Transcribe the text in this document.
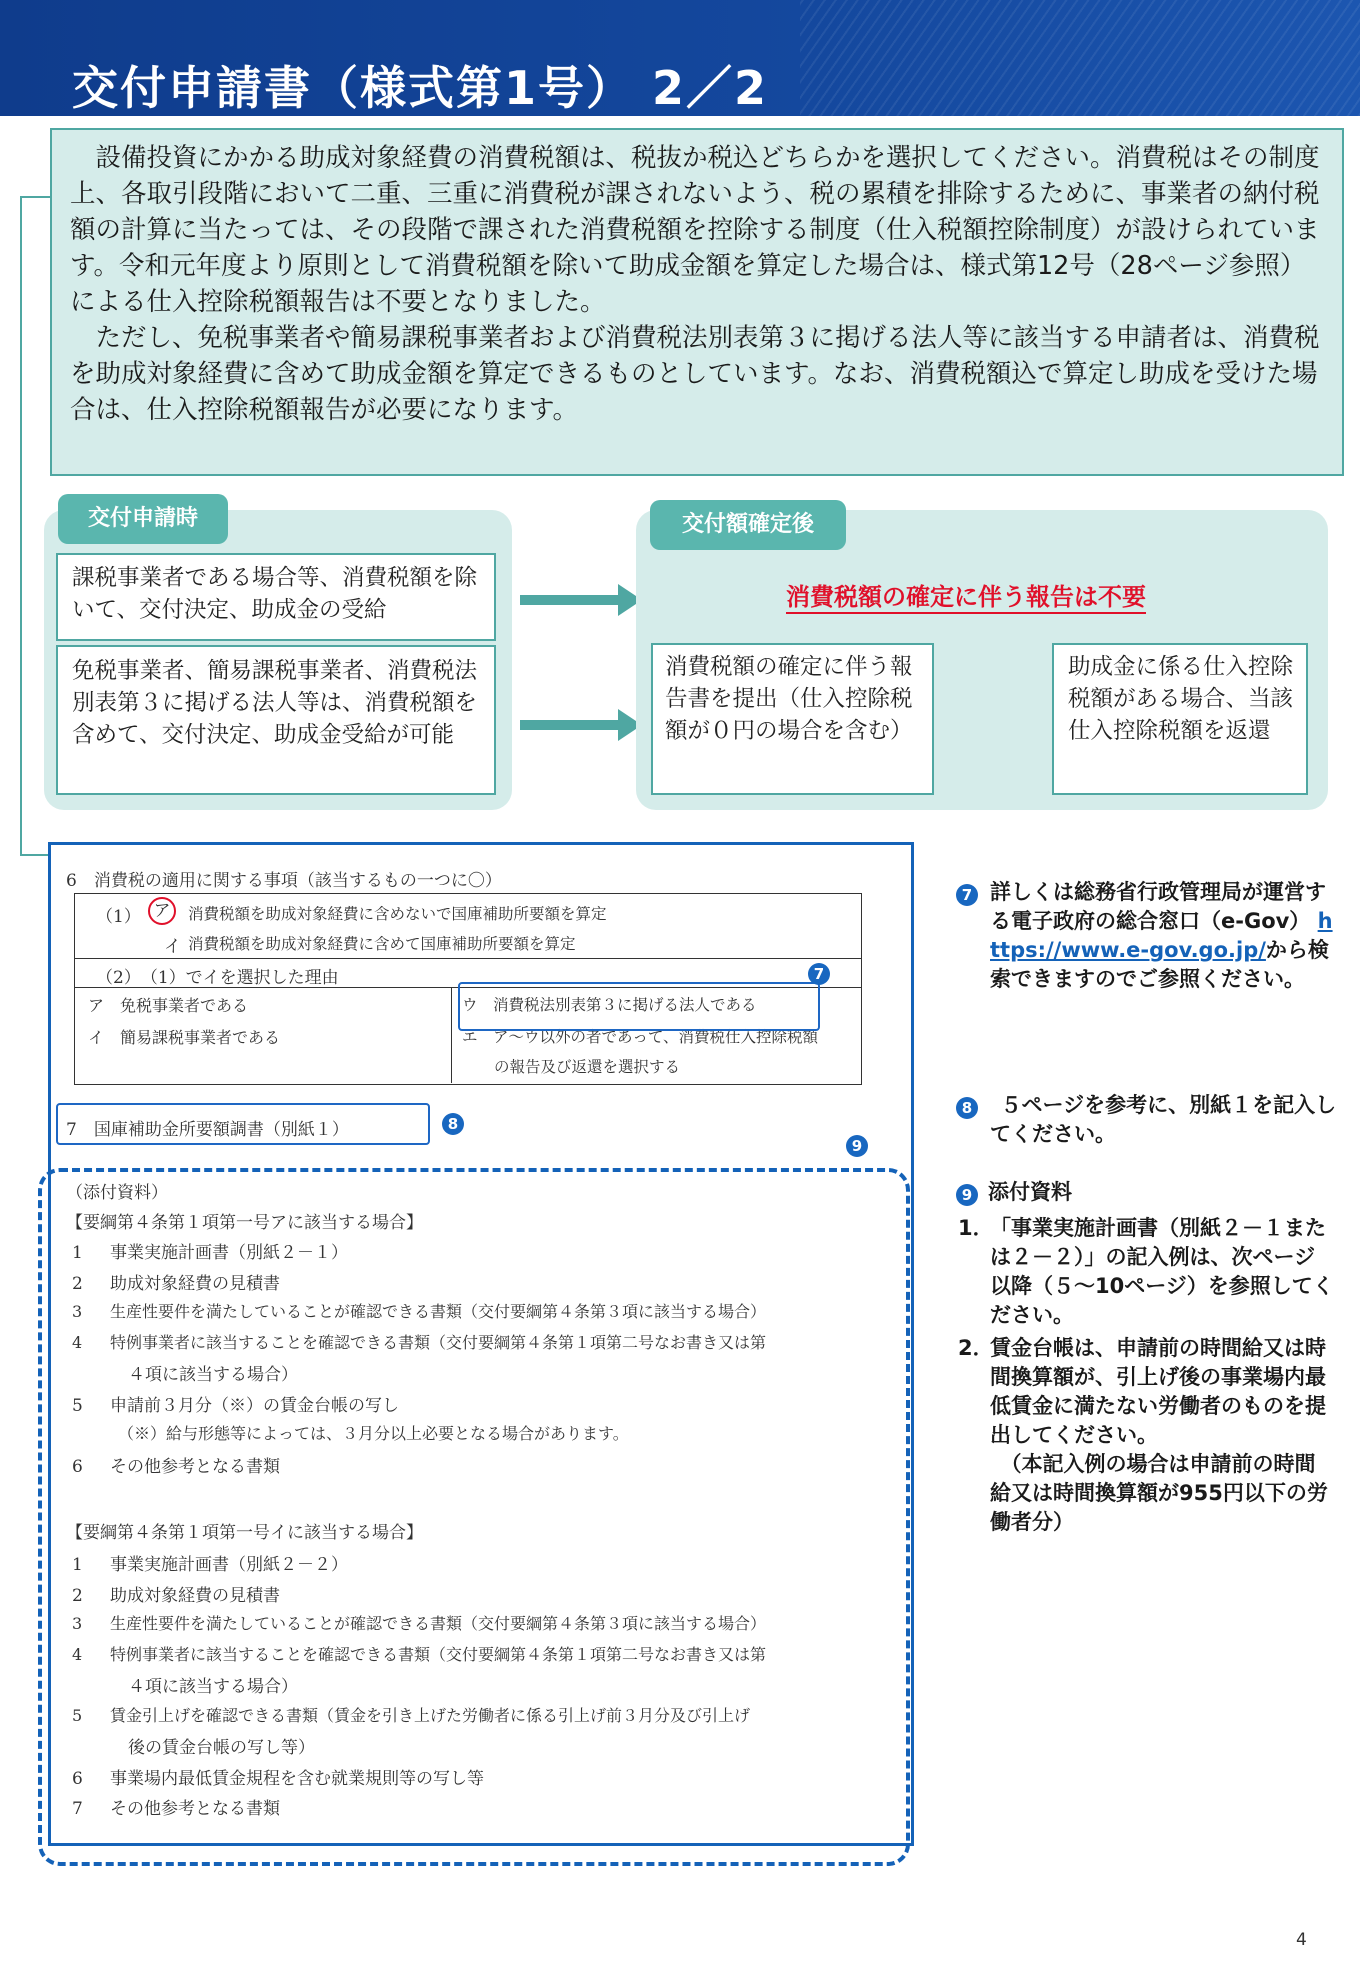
交付申請書（様式第1号） 2／2

設備投資にかかる助成対象経費の消費税額は、税抜か税込どちらかを選択してください。消費税はその制度上、各取引段階において二重、三重に消費税が課されないよう、税の累積を排除するために、事業者の納付税額の計算に当たっては、その段階で課された消費税額を控除する制度（仕入税額控除制度）が設けられています。令和元年度より原則として消費税額を除いて助成金額を算定した場合は、様式第12号（28ページ参照）による仕入控除税額報告は不要となりました。

ただし、免税事業者や簡易課税事業者および消費税法別表第３に掲げる法人等に該当する申請者は、消費税を助成対象経費に含めて助成金額を算定できるものとしています。なお、消費税額込で算定し助成を受けた場合は、仕入控除税額報告が必要になります。

交付申請時
課税事業者である場合等、消費税額を除いて、交付決定、助成金の受給
免税事業者、簡易課税事業者、消費税法別表第３に掲げる法人等は、消費税額を含めて、交付決定、助成金受給が可能
交付額確定後
消費税額の確定に伴う報告は不要
消費税額の確定に伴う報告書を提出（仕入控除税額が０円の場合を含む）
助成金に係る仕入控除税額がある場合、当該仕入控除税額を返還
6　消費税の適用に関する事項（該当するもの一つに〇）
（1） ア	消費税額を助成対象経費に含めないで国庫補助所要額を算定
イ 消費税額を助成対象経費に含めて国庫補助所要額を算定
（2）　（1）でイを選択した理由
ア　免税事業者である
イ　簡易課税事業者である
ウ　消費税法別表第３に掲げる法人である
エ　ア～ウ以外の者であって、消費税仕入控除税額
の報告及び返還を選択する
7
7　国庫補助金所要額調書（別紙１）	8
9
（添付資料）
【要綱第４条第１項第一号アに該当する場合】
1 事業実施計画書（別紙２－１）
2 助成対象経費の見積書
3 生産性要件を満たしていることが確認できる書類（交付要綱第４条第３項に該当する場合）
4 特例事業者に該当することを確認できる書類（交付要綱第４条第１項第二号なお書き又は第
４項に該当する場合）
5 申請前３月分（※）の賃金台帳の写し
（※）給与形態等によっては、３月分以上必要となる場合があります。
6 その他参考となる書類
【要綱第４条第１項第一号イに該当する場合】
1 事業実施計画書（別紙２－２）
2 助成対象経費の見積書
3 生産性要件を満たしていることが確認できる書類（交付要綱第４条第３項に該当する場合）
4 特例事業者に該当することを確認できる書類（交付要綱第４条第１項第二号なお書き又は第
４項に該当する場合）
5 賃金引上げを確認できる書類（賃金を引き上げた労働者に係る引上げ前３月分及び引上げ
後の賃金台帳の写し等）
6 事業場内最低賃金規程を含む就業規則等の写し等
7 その他参考となる書類
7 詳しくは総務省行政管理局が運営する電子政府の総合窓口（e-Gov） https://www.e-gov.go.jp/から検索できますのでご参照ください。
8	５ページを参考に、別紙１を記入してください。
9 添付資料
1．
「事業実施計画書（別紙２－１または２－２）」の記入例は、次ページ以降（５～10ページ）を参照してください。
2．
賃金台帳は、申請前の時間給又は時間換算額が、引上げ後の事業場内最低賃金に満たない労働者のものを提出してください。
（本記入例の場合は申請前の時間給又は時間換算額が955円以下の労働者分）
4
